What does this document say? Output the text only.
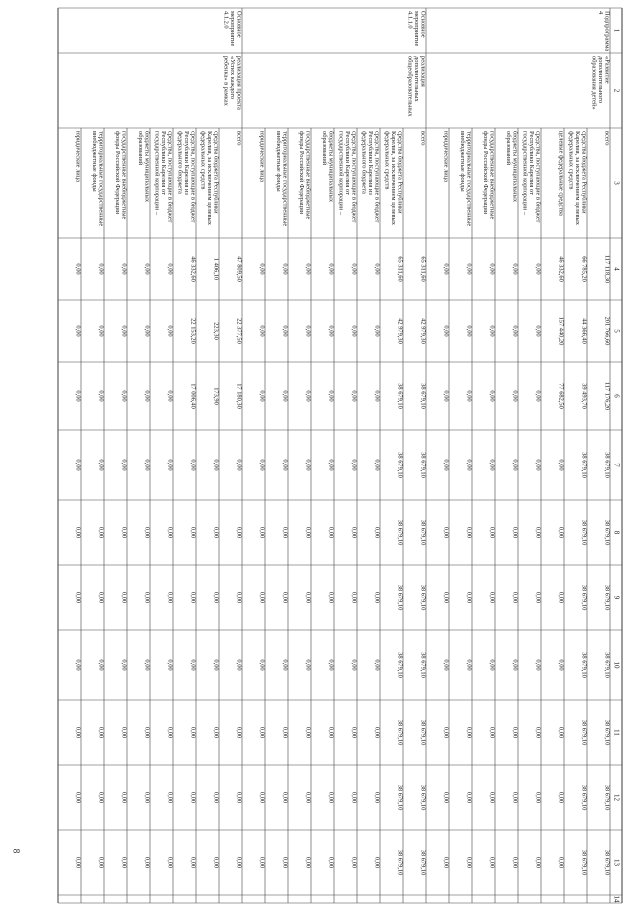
1
2
3
4
5
6
7
8
9
10
11
12
13
14
Подпрограмма
4
«Развитие
дополнительного
образования детей»
всего
117 118,30
201 766,60
117 176,20
38 679,10
38 679,10
38 679,10
38 679,10
38 679,10
38 679,10
38 679,10
средства бюджета Республики
Карелия, за исключением целевых
федеральных средств
66 785,20
44 366,40
39 493,70
38 679,10
38 679,10
38 679,10
38 679,10
38 679,10
38 679,10
38 679,10
целевые федеральные средства
46 332,60
157 440,20
77 682,50
0,00
0,00
0,00
0,00
0,00
0,00
0,00
средства, поступающие в бюджет
Республики Карелия от
государственной корпорации –
0,00
0,00
0,00
0,00
0,00
0,00
0,00
0,00
0,00
0,00
бюджеты муниципальных
образований
0,00
0,00
0,00
0,00
0,00
0,00
0,00
0,00
0,00
0,00
государственные внебюджетные
фонды Российской Федерации
0,00
0,00
0,00
0,00
0,00
0,00
0,00
0,00
0,00
0,00
территориальные государственные
внебюджетные фонды
0,00
0,00
0,00
0,00
0,00
0,00
0,00
0,00
0,00
0,00
юридические лица
0,00
0,00
0,00
0,00
0,00
0,00
0,00
0,00
0,00
0,00
Основное
мероприятие
4.1.1.0
реализация
дополнительных
общеобразовательных
всего
65 311,60
42 979,30
38 679,10
38 679,10
38 679,10
38 679,10
38 679,10
38 679,10
38 679,10
38 679,10
средства бюджета Республики
Карелия, за исключением целевых
федеральных средств
65 311,60
42 979,30
38 679,10
38 679,10
38 679,10
38 679,10
38 679,10
38 679,10
38 679,10
38 679,10
средства, поступающие в бюджет
Республики Карелия из
федерального бюджета
0,00
0,00
0,00
0,00
0,00
0,00
0,00
0,00
0,00
0,00
средства, поступающие в бюджет
Республики Карелия от
государственной корпорации –
0,00
0,00
0,00
0,00
0,00
0,00
0,00
0,00
0,00
0,00
бюджеты муниципальных
образований
0,00
0,00
0,00
0,00
0,00
0,00
0,00
0,00
0,00
0,00
государственные внебюджетные
фонды Российской Федерации
0,00
0,00
0,00
0,00
0,00
0,00
0,00
0,00
0,00
0,00
территориальные государственные
внебюджетные фонды
0,00
0,00
0,00
0,00
0,00
0,00
0,00
0,00
0,00
0,00
юридические лица
0,00
0,00
0,00
0,00
0,00
0,00
0,00
0,00
0,00
0,00
Основное
мероприятие
4.1.2.0
реализация проекта
«Успех каждого
ребенка» в рамках
всего
47 809,50
22 377,50
17 180,30
0,00
0,00
0,00
0,00
0,00
0,00
0,00
средства бюджета Республики
Карелия, за исключением целевых
федеральных средств
1 406,10
223,30
173,90
0,00
0,00
0,00
0,00
0,00
0,00
0,00
средства, поступающие в бюджет
Республики Карелия из
федерального бюджета
46 332,60
22 153,20
17 006,40
0,00
0,00
0,00
0,00
0,00
0,00
0,00
средства, поступающие в бюджет
Республики Карелия от
государственной корпорации –
0,00
0,00
0,00
0,00
0,00
0,00
0,00
0,00
0,00
0,00
бюджеты муниципальных
образований
0,00
0,00
0,00
0,00
0,00
0,00
0,00
0,00
0,00
0,00
государственные внебюджетные
фонды Российской Федерации
0,00
0,00
0,00
0,00
0,00
0,00
0,00
0,00
0,00
0,00
территориальные государственные
внебюджетные фонды
0,00
0,00
0,00
0,00
0,00
0,00
0,00
0,00
0,00
0,00
юридические лица
0,00
0,00
0,00
0,00
0,00
0,00
0,00
0,00
0,00
0,00
8
